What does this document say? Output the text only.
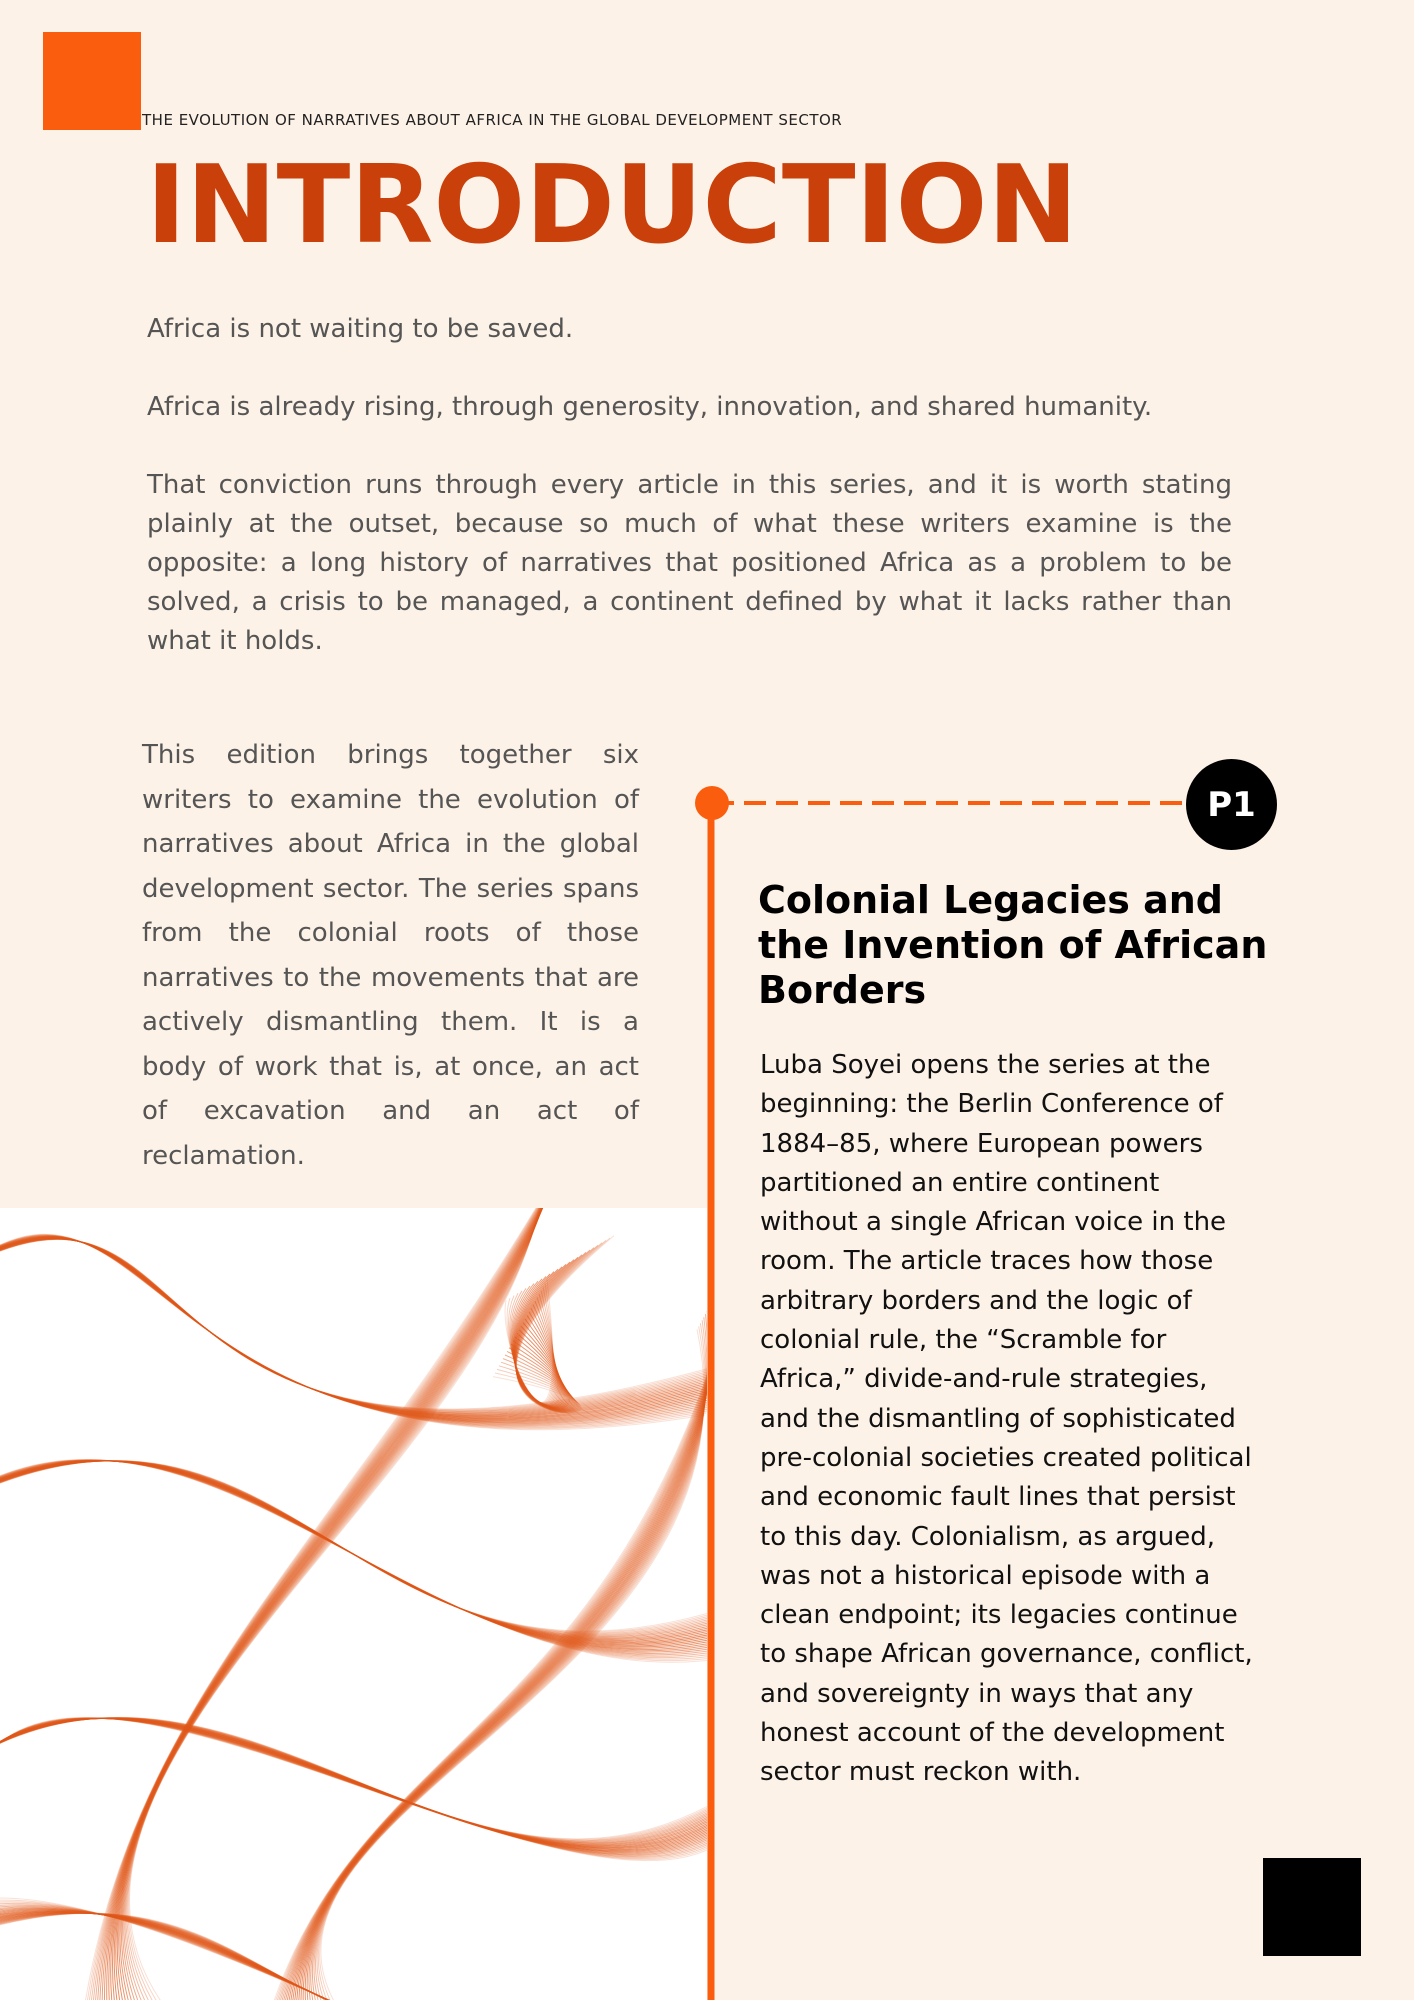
THE EVOLUTION OF NARRATIVES ABOUT AFRICA IN THE GLOBAL DEVELOPMENT SECTOR
INTRODUCTION

Africa is not waiting to be saved.

Africa is already rising, through generosity, innovation, and shared humanity.

That conviction runs through every article in this series, and it is worth stating plainly at the outset, because so much of what these writers examine is the opposite: a long history of narratives that positioned Africa as a problem to be solved, a crisis to be managed, a continent defined by what it lacks rather than what it holds.

This edition brings together six writers to examine the evolution of narratives about Africa in the global development sector. The series spans from the colonial roots of those narratives to the movements that are actively dismantling them. It is a body of work that is, at once, an act of excavation and an act of reclamation.

P1
Colonial Legacies and the Invention of African Borders

Luba Soyei opens the series at the beginning: the Berlin Conference of 1884–85, where European powers partitioned an entire continent without a single African voice in the room. The article traces how those arbitrary borders and the logic of colonial rule, the “Scramble for Africa,” divide-and-rule strategies, and the dismantling of sophisticated pre-colonial societies created political and economic fault lines that persist to this day. Colonialism, as argued, was not a historical episode with a clean endpoint; its legacies continue to shape African governance, conflict, and sovereignty in ways that any honest account of the development sector must reckon with.
